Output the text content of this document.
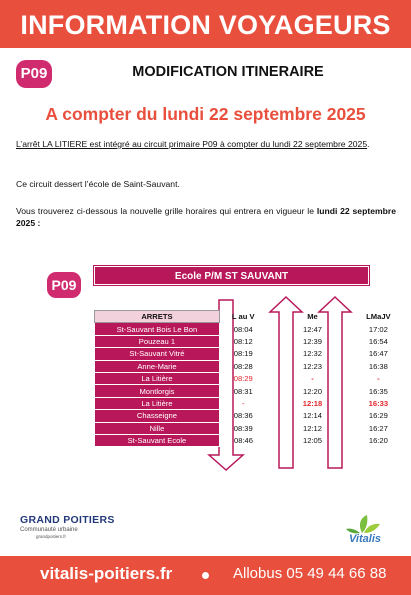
INFORMATION VOYAGEURS
P09	MODIFICATION ITINERAIRE
A compter du lundi 22 septembre 2025
L’arrêt LA LITIERE est intégré au circuit primaire P09 à compter du lundi 22 septembre 2025.
Ce circuit dessert l’école de Saint-Sauvant.
Vous trouverez ci-dessous la nouvelle grille horaires qui entrera en vigueur le lundi 22 septembre 2025 :
P09
Ecole P/M ST SAUVANT
ARRETS	L au V		Me		LMaJV
St-Sauvant Bois Le Bon	08:04		12:47		17:02
Pouzeau 1	08:12		12:39		16:54
St-Sauvant Vitré	08:19		12:32		16:47
Anne-Marie	08:28		12:23		16:38
La Litière	08:29		-		-
Montlorgis	08:31		12:20		16:35
La Litière	-		12:18		16:33
Chasseigne	08:36		12:14		16:29
Nille	08:39		12:12		16:27
St-Sauvant Ecole	08:46		12:05		16:20
GRAND POITIERS
Communauté urbaine
grandpoitiers.fr	Vitalis
vitalis-poitiers.fr	Allobus 05 49 44 66 88
